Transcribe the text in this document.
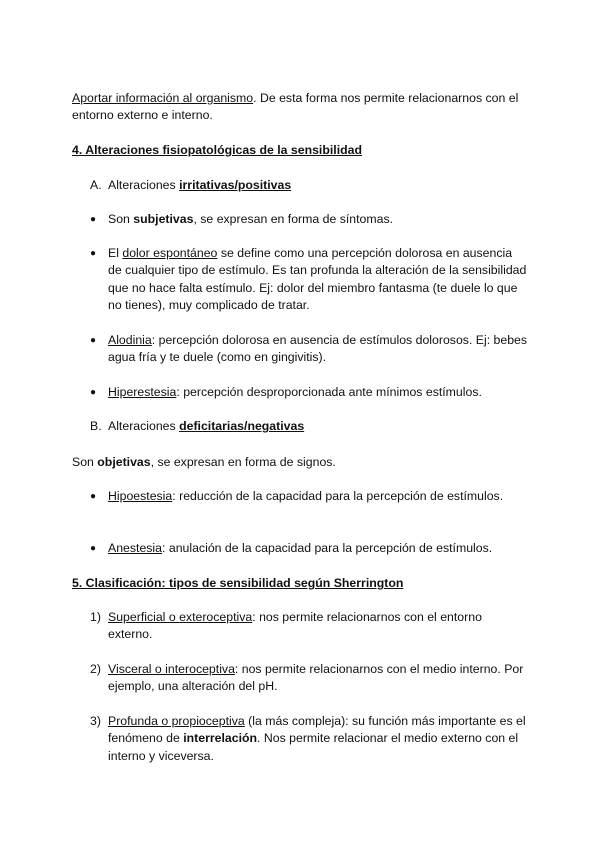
Aportar información al organismo. De esta forma nos permite relacionarnos con el entorno externo e interno.

4. Alteraciones fisiopatológicas de la sensibilidad

A. Alteraciones irritativas/positivas

● Son subjetivas, se expresan en forma de síntomas.

● El dolor espontáneo se define como una percepción dolorosa en ausencia de cualquier tipo de estímulo. Es tan profunda la alteración de la sensibilidad que no hace falta estímulo. Ej: dolor del miembro fantasma (te duele lo que no tienes), muy complicado de tratar.

● Alodinia: percepción dolorosa en ausencia de estímulos dolorosos. Ej: bebes agua fría y te duele (como en gingivitis).

● Hiperestesia: percepción desproporcionada ante mínimos estímulos.

B. Alteraciones deficitarias/negativas

Son objetivas, se expresan en forma de signos.

● Hipoestesia: reducción de la capacidad para la percepción de estímulos.

● Anestesia: anulación de la capacidad para la percepción de estímulos.

5. Clasificación: tipos de sensibilidad según Sherrington

1) Superficial o exteroceptiva: nos permite relacionarnos con el entorno externo.

2) Visceral o interoceptiva: nos permite relacionarnos con el medio interno. Por ejemplo, una alteración del pH.

3) Profunda o propioceptiva (la más compleja): su función más importante es el fenómeno de interrelación. Nos permite relacionar el medio externo con el interno y viceversa.
